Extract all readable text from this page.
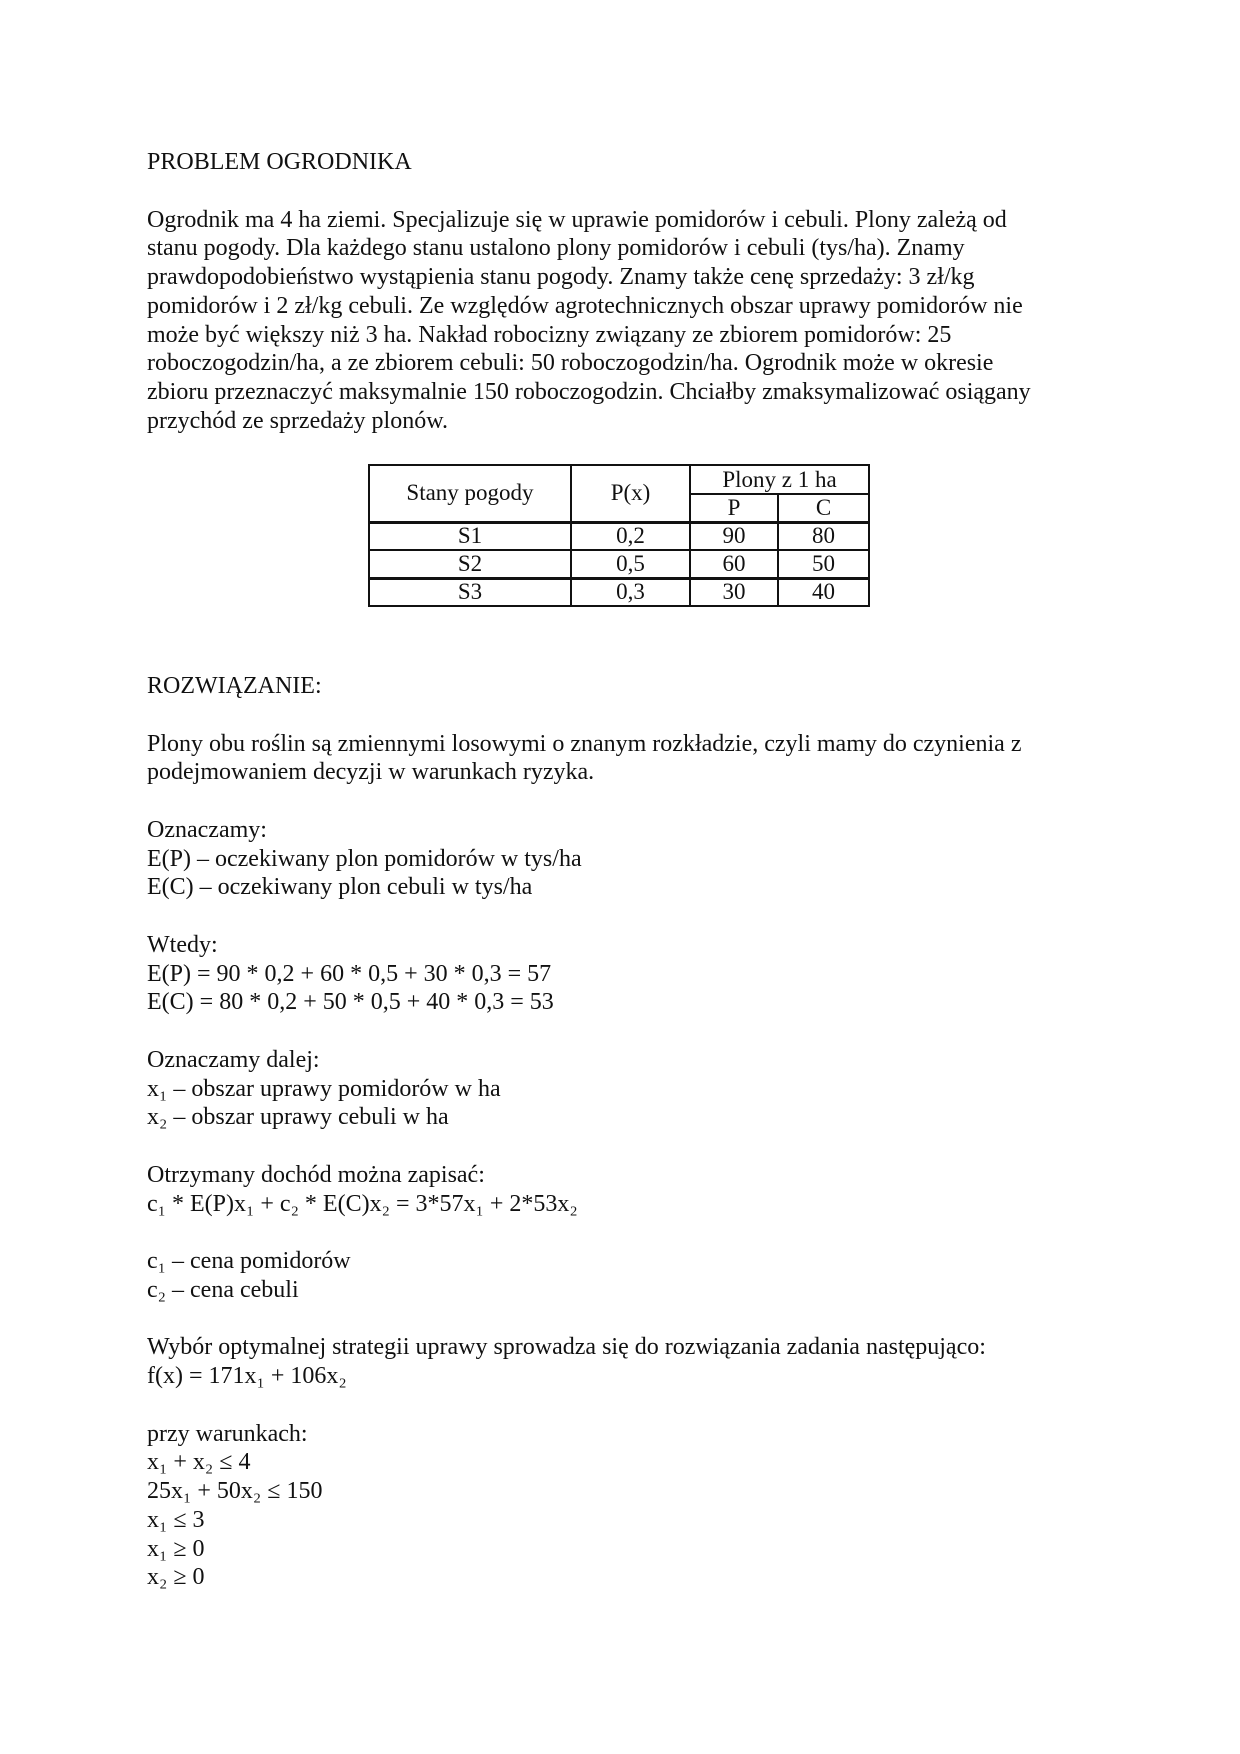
PROBLEM OGRODNIKA
Ogrodnik ma 4 ha ziemi. Specjalizuje się w uprawie pomidorów i cebuli. Plony zależą od
stanu pogody. Dla każdego stanu ustalono plony pomidorów i cebuli (tys/ha). Znamy
prawdopodobieństwo wystąpienia stanu pogody. Znamy także cenę sprzedaży: 3 zł/kg
pomidorów i 2 zł/kg cebuli. Ze względów agrotechnicznych obszar uprawy pomidorów nie
może być większy niż 3 ha. Nakład robocizny związany ze zbiorem pomidorów: 25
roboczogodzin/ha, a ze zbiorem cebuli: 50 roboczogodzin/ha. Ogrodnik może w okresie
zbioru przeznaczyć maksymalnie 150 roboczogodzin. Chciałby zmaksymalizować osiągany
przychód ze sprzedaży plonów.
Stany pogody	P(x)	Plony z 1 ha	
		P	C
S1	0,2	90	80
S2	0,5	60	50
S3	0,3	30	40
ROZWIĄZANIE:
Plony obu roślin są zmiennymi losowymi o znanym rozkładzie, czyli mamy do czynienia z
podejmowaniem decyzji w warunkach ryzyka.
Oznaczamy:
E(P) – oczekiwany plon pomidorów w tys/ha
E(C) – oczekiwany plon cebuli w tys/ha
Wtedy:
E(P) = 90 * 0,2 + 60 * 0,5 + 30 * 0,3 = 57
E(C) = 80 * 0,2 + 50 * 0,5 + 40 * 0,3 = 53
Oznaczamy dalej:
x₁ – obszar uprawy pomidorów w ha
x₂ – obszar uprawy cebuli w ha
Otrzymany dochód można zapisać:
c₁ * E(P)x₁ + c₂ * E(C)x₂ = 3*57x₁ + 2*53x₂
c₁ – cena pomidorów
c₂ – cena cebuli
Wybór optymalnej strategii uprawy sprowadza się do rozwiązania zadania następująco:
f(x) = 171x₁ + 106x₂
przy warunkach:
x₁ + x₂ ≤ 4
25x₁ + 50x₂ ≤ 150
x₁ ≤ 3
x₁ ≥ 0
x₂ ≥ 0
